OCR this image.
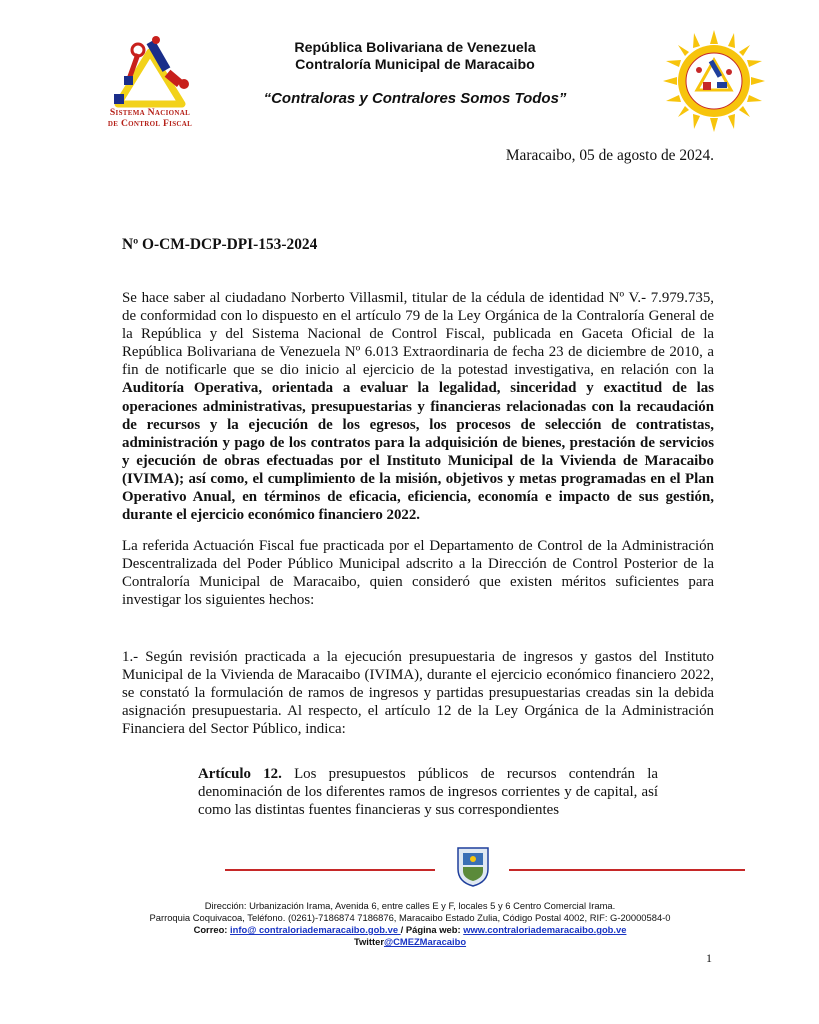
Sistema Nacional
de Control Fiscal
República Bolivariana de Venezuela
Contraloría Municipal de Maracaibo
“Contraloras y Contralores Somos Todos”
Maracaibo, 05 de agosto de 2024.
Nº O-CM-DCP-DPI-153-2024
Se hace saber al ciudadano Norberto Villasmil, titular de la cédula de identidad Nº V.- 7.979.735, de conformidad con lo dispuesto en el artículo 79 de la Ley Orgánica de la Contraloría General de la República y del Sistema Nacional de Control Fiscal, publicada en Gaceta Oficial de la República Bolivariana de Venezuela Nº 6.013 Extraordinaria de fecha 23 de diciembre de 2010, a fin de notificarle que se dio inicio al ejercicio de la potestad investigativa, en relación con la Auditoría Operativa, orientada a evaluar la legalidad, sinceridad y exactitud de las operaciones administrativas, presupuestarias y financieras relacionadas con la recaudación de recursos y la ejecución de los egresos, los procesos de selección de contratistas, administración y pago de los contratos para la adquisición de bienes, prestación de servicios y ejecución de obras efectuadas por el Instituto Municipal de la Vivienda de Maracaibo (IVIMA); así como, el cumplimiento de la misión, objetivos y metas programadas en el Plan Operativo Anual, en términos de eficacia, eficiencia, economía e impacto de sus gestión, durante el ejercicio económico financiero 2022.
La referida Actuación Fiscal fue practicada por el Departamento de Control de la Administración Descentralizada del Poder Público Municipal adscrito a la Dirección de Control Posterior de la Contraloría Municipal de Maracaibo, quien consideró que existen méritos suficientes para investigar los siguientes hechos:
1.- Según revisión practicada a la ejecución presupuestaria de ingresos y gastos del Instituto Municipal de la Vivienda de Maracaibo (IVIMA), durante el ejercicio económico financiero 2022, se constató la formulación de ramos de ingresos y partidas presupuestarias creadas sin la debida asignación presupuestaria. Al respecto, el artículo 12 de la Ley Orgánica de la Administración Financiera del Sector Público, indica:
Artículo 12. Los presupuestos públicos de recursos contendrán la denominación de los diferentes ramos de ingresos corrientes y de capital, así como las distintas fuentes financieras y sus correspondientes
Dirección: Urbanización Irama, Avenida 6, entre calles E y F, locales 5 y 6 Centro Comercial Irama.
Parroquia Coquivacoa, Teléfono. (0261)-7186874 7186876, Maracaibo Estado Zulia, Código Postal 4002, RIF: G-20000584-0
Correo: info@ contraloriademaracaibo.gob.ve / Página web: www.contraloriademaracaibo.gob.ve
Twitter@CMEZMaracaibo
1
